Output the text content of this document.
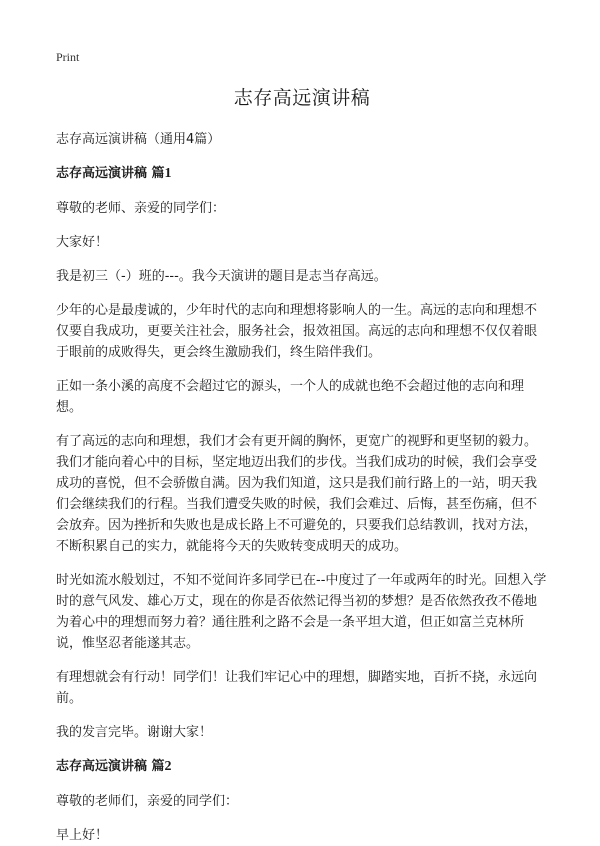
Print
志存高远演讲稿
志存高远演讲稿（通用4篇）
志存高远演讲稿 篇1

尊敬的老师、亲爱的同学们：

大家好！

我是初三（-）班的---。我今天演讲的题目是志当存高远。

少年的心是最虔诚的，少年时代的志向和理想将影响人的一生。高远的志向和理想不仅要自我成功，更要关注社会，服务社会，报效祖国。高远的志向和理想不仅仅着眼于眼前的成败得失，更会终生激励我们，终生陪伴我们。

正如一条小溪的高度不会超过它的源头，一个人的成就也绝不会超过他的志向和理想。

有了高远的志向和理想，我们才会有更开阔的胸怀，更宽广的视野和更坚韧的毅力。我们才能向着心中的目标，坚定地迈出我们的步伐。当我们成功的时候，我们会享受成功的喜悦，但不会骄傲自满。因为我们知道，这只是我们前行路上的一站，明天我们会继续我们的行程。当我们遭受失败的时候，我们会难过、后悔，甚至伤痛，但不会放弃。因为挫折和失败也是成长路上不可避免的，只要我们总结教训，找对方法，不断积累自己的实力，就能将今天的失败转变成明天的成功。

时光如流水般划过，不知不觉间许多同学已在--中度过了一年或两年的时光。回想入学时的意气风发、雄心万丈，现在的你是否依然记得当初的梦想？是否依然孜孜不倦地为着心中的理想而努力着？通往胜利之路不会是一条平坦大道，但正如富兰克林所说，惟坚忍者能遂其志。

有理想就会有行动！同学们！让我们牢记心中的理想，脚踏实地，百折不挠，永远向前。

我的发言完毕。谢谢大家！

志存高远演讲稿 篇2

尊敬的老师们，亲爱的同学们：

早上好！
